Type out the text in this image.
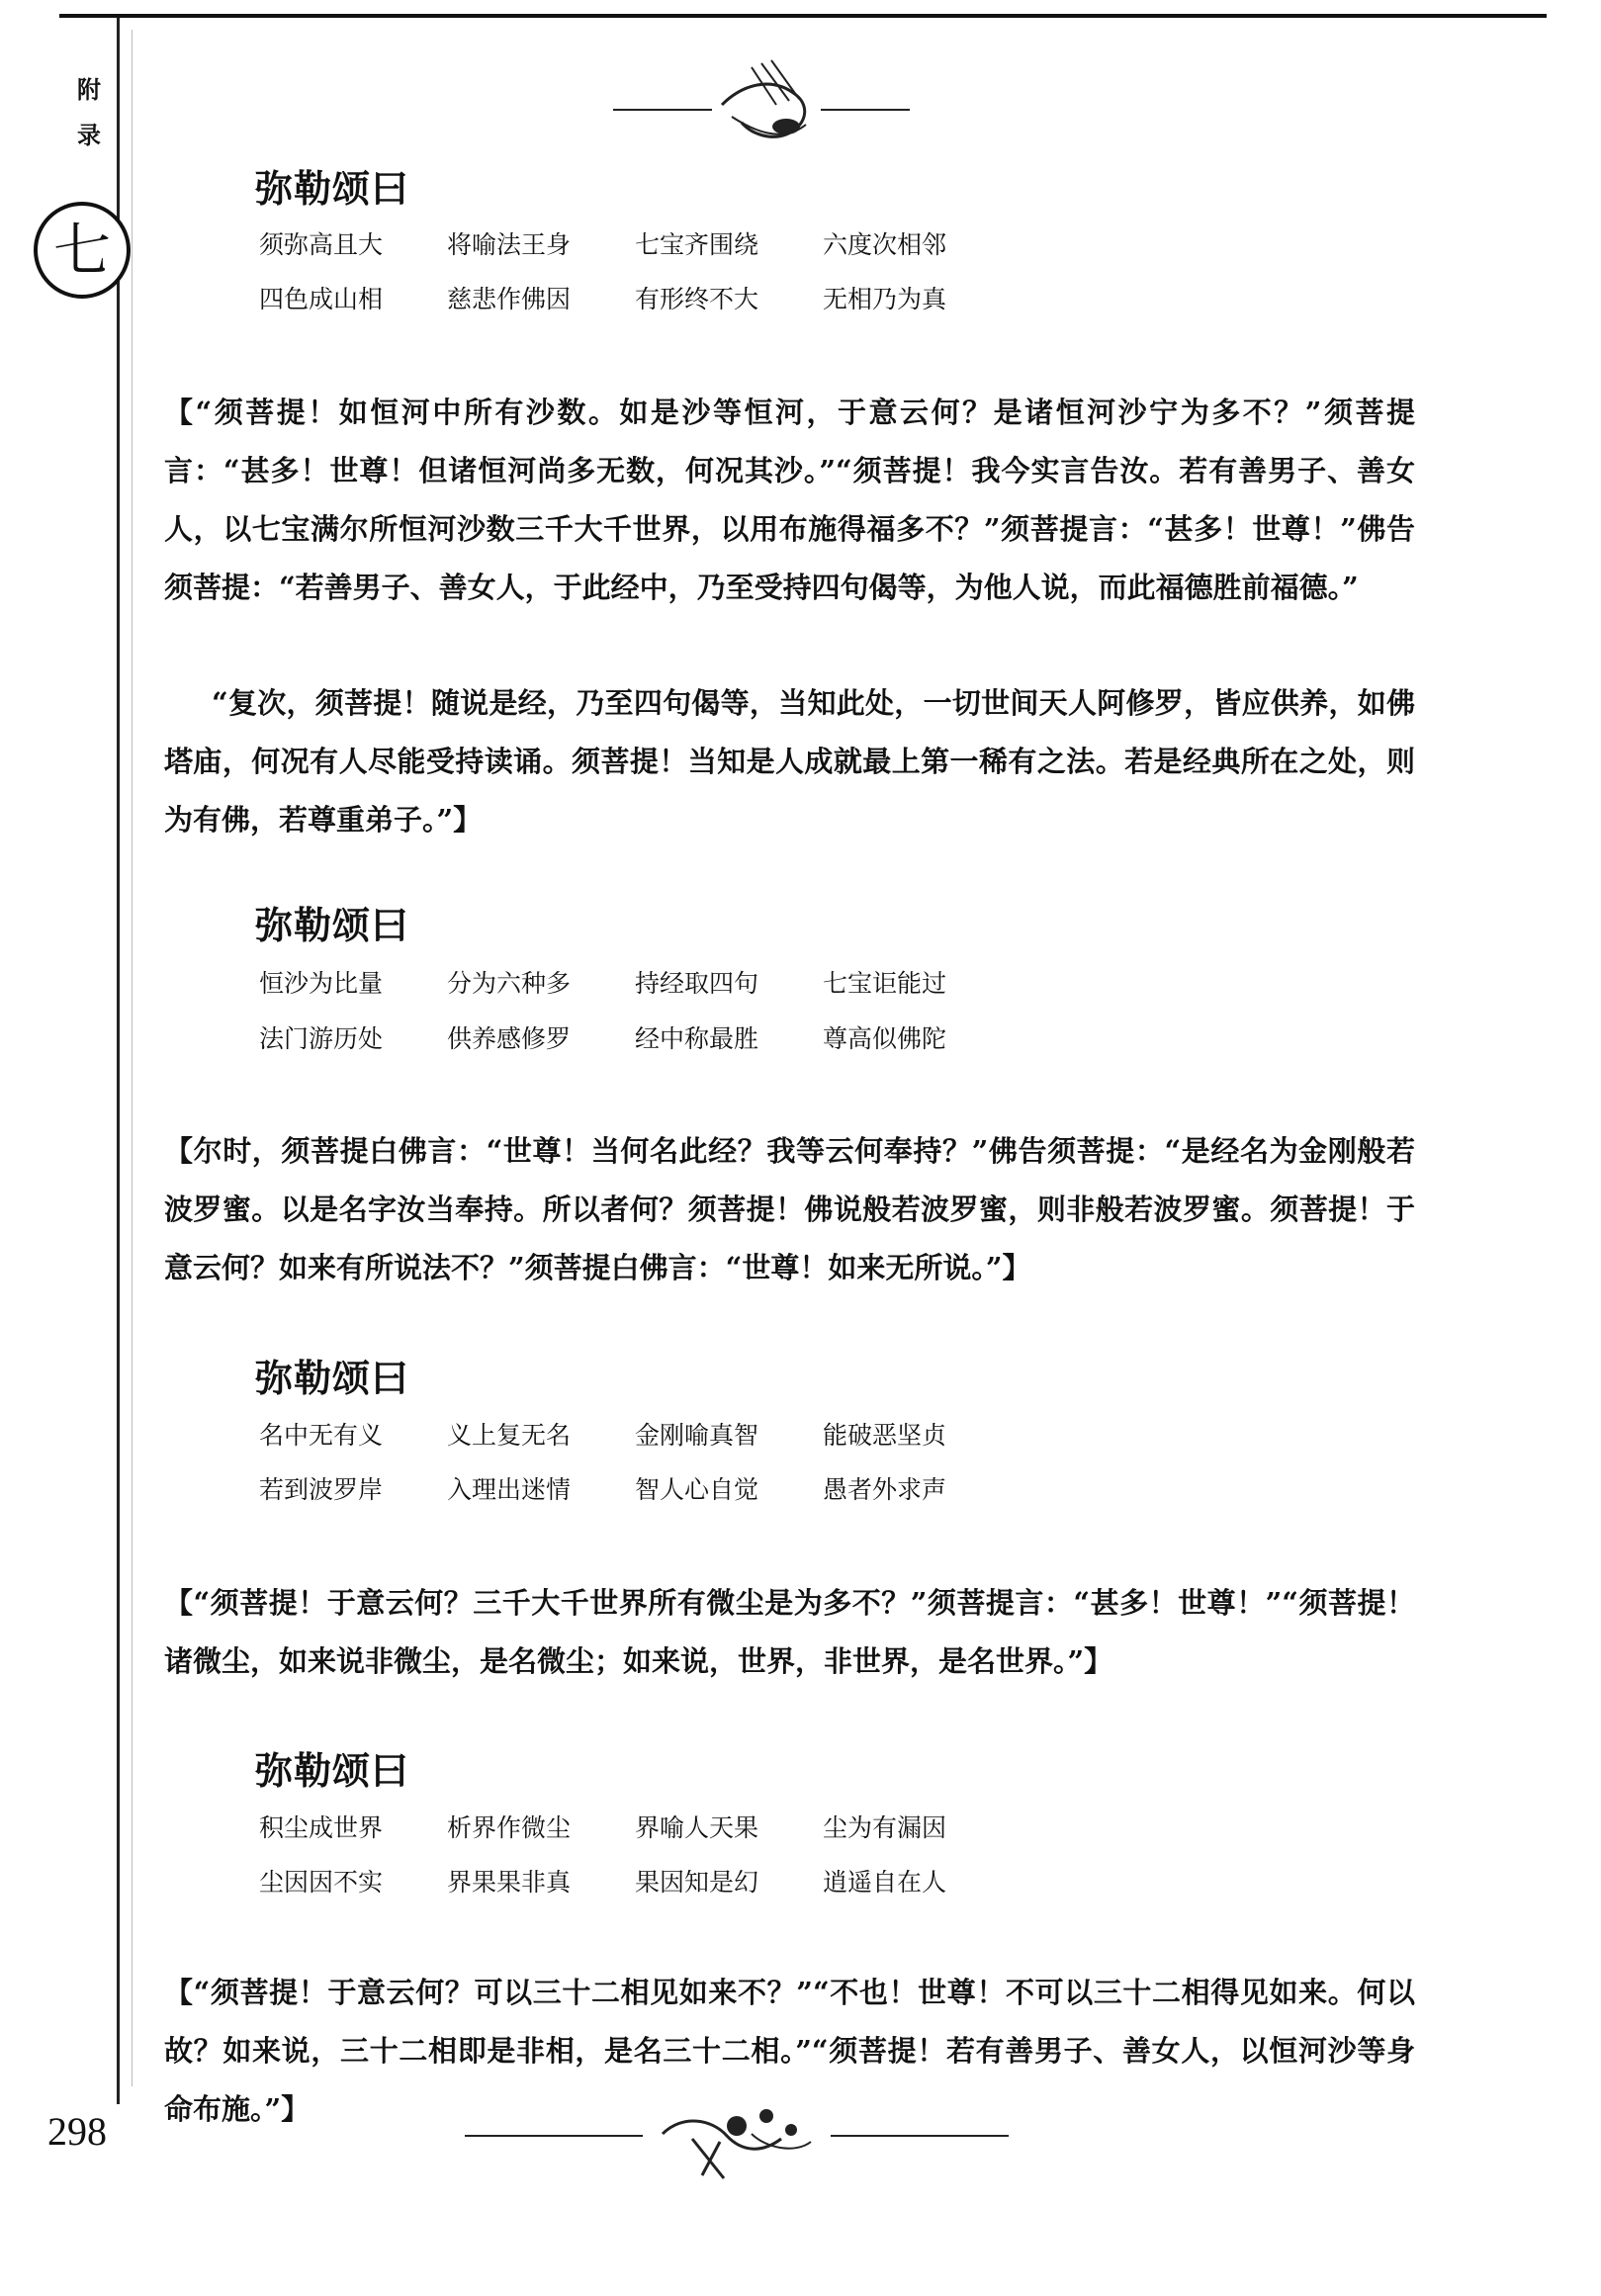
附录
七
弥勒颂曰
须弥高且大	将喻法王身	七宝齐围绕	六度次相邻
四色成山相	慈悲作佛因	有形终不大	无相乃为真

【“须菩提！如恒河中所有沙数。如是沙等恒河，于意云何？是诸恒河沙宁为多不？”须菩提言：“甚多！世尊！但诸恒河尚多无数，何况其沙。”“须菩提！我今实言告汝。若有善男子、善女人，以七宝满尔所恒河沙数三千大千世界，以用布施得福多不？”须菩提言：“甚多！世尊！”佛告须菩提：“若善男子、善女人，于此经中，乃至受持四句偈等，为他人说，而此福德胜前福德。”

“复次，须菩提！随说是经，乃至四句偈等，当知此处，一切世间天人阿修罗，皆应供养，如佛塔庙，何况有人尽能受持读诵。须菩提！当知是人成就最上第一稀有之法。若是经典所在之处，则为有佛，若尊重弟子。”】

弥勒颂曰
恒沙为比量	分为六种多	持经取四句	七宝讵能过
法门游历处	供养感修罗	经中称最胜	尊高似佛陀

【尔时，须菩提白佛言：“世尊！当何名此经？我等云何奉持？”佛告须菩提：“是经名为金刚般若波罗蜜。以是名字汝当奉持。所以者何？须菩提！佛说般若波罗蜜，则非般若波罗蜜。须菩提！于意云何？如来有所说法不？”须菩提白佛言：“世尊！如来无所说。”】

弥勒颂曰
名中无有义	义上复无名	金刚喻真智	能破恶坚贞
若到波罗岸	入理出迷情	智人心自觉	愚者外求声

【“须菩提！于意云何？三千大千世界所有微尘是为多不？”须菩提言：“甚多！世尊！”“须菩提！诸微尘，如来说非微尘，是名微尘；如来说，世界，非世界，是名世界。”】

弥勒颂曰
积尘成世界	析界作微尘	界喻人天果	尘为有漏因
尘因因不实	界果果非真	果因知是幻	逍遥自在人

【“须菩提！于意云何？可以三十二相见如来不？”“不也！世尊！不可以三十二相得见如来。何以故？如来说，三十二相即是非相，是名三十二相。”“须菩提！若有善男子、善女人，以恒河沙等身命布施。”】

298
